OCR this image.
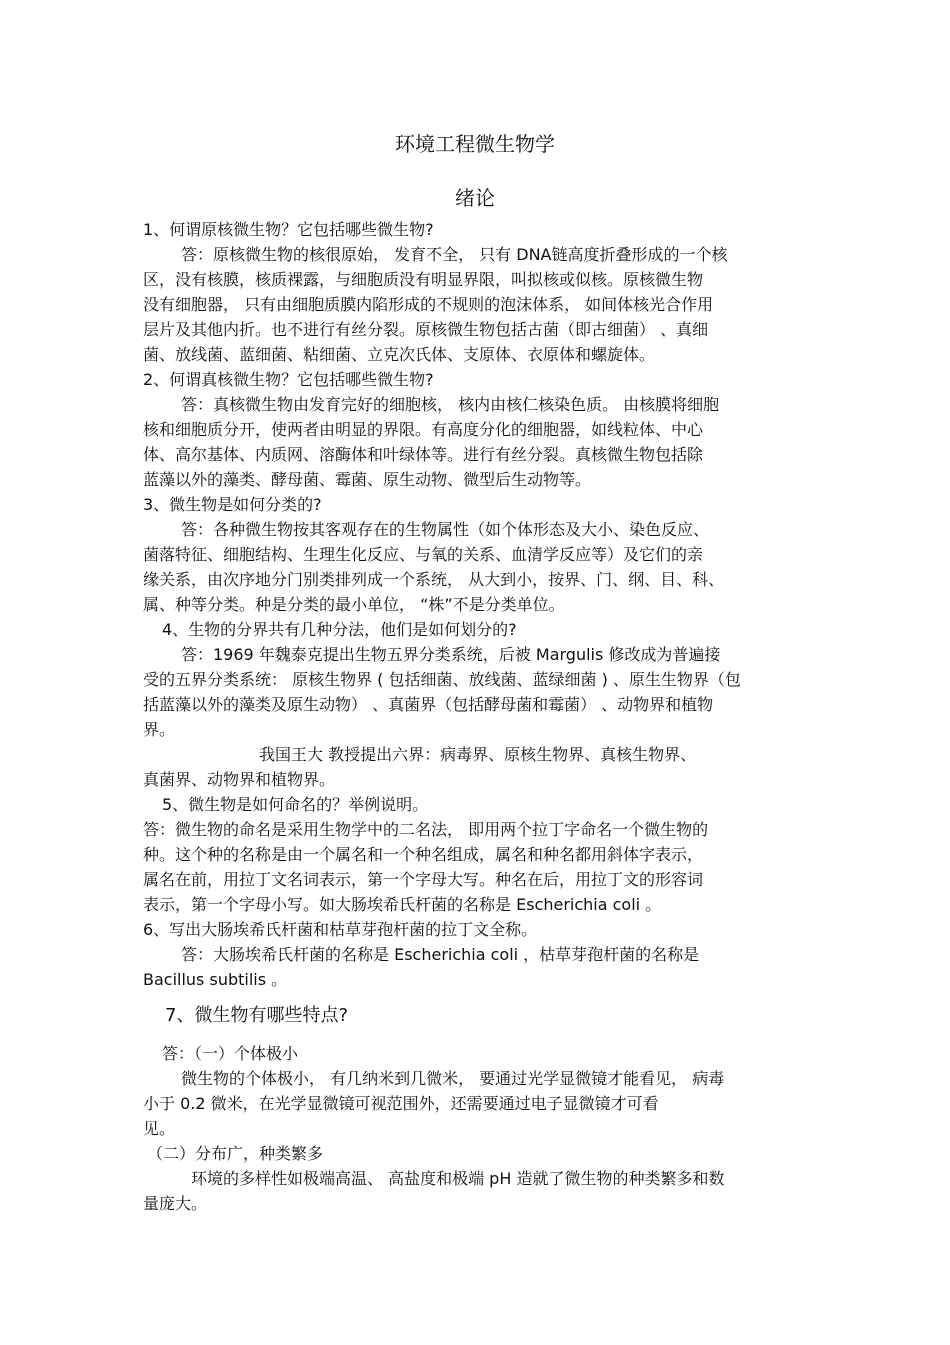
环境工程微生物学
绪论
1、何谓原核微生物？它包括哪些微生物?
答：原核微生物的核很原始， 发育不全， 只有 DNA链高度折叠形成的一个核
区，没有核膜，核质裸露，与细胞质没有明显界限，叫拟核或似核。原核微生物
没有细胞器， 只有由细胞质膜内陷形成的不规则的泡沫体系， 如间体核光合作用
层片及其他内折。也不进行有丝分裂。原核微生物包括古菌（即古细菌） 、真细
菌、放线菌、蓝细菌、粘细菌、立克次氏体、支原体、衣原体和螺旋体。
2、何谓真核微生物？它包括哪些微生物?
答：真核微生物由发育完好的细胞核， 核内由核仁核染色质。 由核膜将细胞
核和细胞质分开，使两者由明显的界限。有高度分化的细胞器，如线粒体、中心
体、高尔基体、内质网、溶酶体和叶绿体等。进行有丝分裂。真核微生物包括除
蓝藻以外的藻类、酵母菌、霉菌、原生动物、微型后生动物等。
3、微生物是如何分类的?
答：各种微生物按其客观存在的生物属性（如个体形态及大小、染色反应、
菌落特征、细胞结构、生理生化反应、与氧的关系、血清学反应等）及它们的亲
缘关系，由次序地分门别类排列成一个系统， 从大到小，按界、门、纲、目、科、
属、种等分类。种是分类的最小单位， “株”不是分类单位。
4、生物的分界共有几种分法，他们是如何划分的?
答：1969 年魏泰克提出生物五界分类系统，后被 Margulis 修改成为普遍接
受的五界分类系统： 原核生物界 ( 包括细菌、放线菌、蓝绿细菌 ) 、原生生物界（包
括蓝藻以外的藻类及原生动物） 、真菌界（包括酵母菌和霉菌） 、动物界和植物
界。
我国王大 教授提出六界：病毒界、原核生物界、真核生物界、
真菌界、动物界和植物界。
5、微生物是如何命名的？举例说明。
答：微生物的命名是采用生物学中的二名法， 即用两个拉丁字命名一个微生物的
种。这个种的名称是由一个属名和一个种名组成，属名和种名都用斜体字表示，
属名在前，用拉丁文名词表示，第一个字母大写。种名在后，用拉丁文的形容词
表示，第一个字母小写。如大肠埃希氏杆菌的名称是 Escherichia coli 。
6、写出大肠埃希氏杆菌和枯草芽孢杆菌的拉丁文全称。
答：大肠埃希氏杆菌的名称是 Escherichia coli ，枯草芽孢杆菌的名称是
Bacillus subtilis 。
7、微生物有哪些特点?
答：（一）个体极小
微生物的个体极小， 有几纳米到几微米， 要通过光学显微镜才能看见， 病毒
小于 0.2 微米，在光学显微镜可视范围外，还需要通过电子显微镜才可看
见。
（二）分布广，种类繁多
环境的多样性如极端高温、 高盐度和极端 pH 造就了微生物的种类繁多和数
量庞大。
